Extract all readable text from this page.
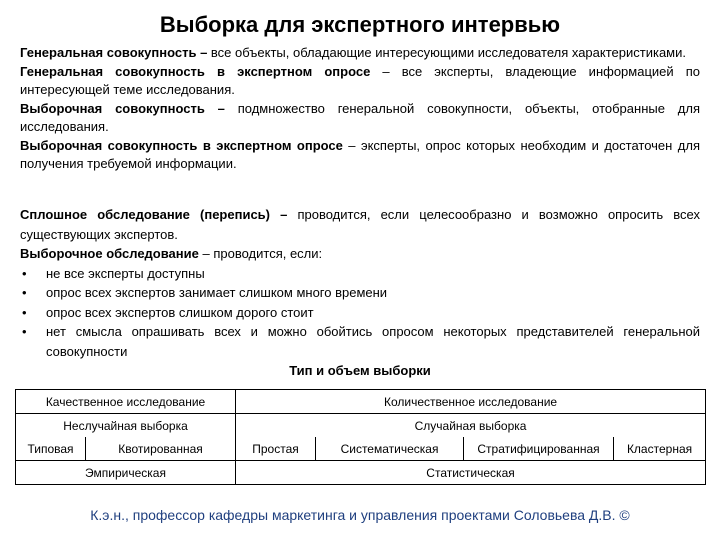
Выборка для экспертного интервью

Генеральная совокупность – все объекты, обладающие интересующими исследователя характеристиками.

Генеральная совокупность в экспертном опросе – все эксперты, владеющие информацией по интересующей теме исследования.

Выборочная совокупность – подмножество генеральной совокупности, объекты, отобранные для исследования.

Выборочная совокупность в экспертном опросе – эксперты, опрос которых необходим и достаточен для получения требуемой информации.

Сплошное обследование (перепись) – проводится, если целесообразно и возможно опросить всех существующих экспертов.

Выборочное обследование – проводится, если:

• не все эксперты доступны
• опрос всех экспертов занимает слишком много времени
• опрос всех экспертов слишком дорого стоит
• нет смысла опрашивать всех и можно обойтись опросом некоторых представителей генеральной совокупности
Тип и объем выборки
Качественное исследование		Количественное исследование			
Неслучайная выборка		Случайная выборка			
Типовая	Квотированная	Простая	Систематическая	Стратифицированная	Кластерная
Эмпирическая		Статистическая			
К.э.н., профессор кафедры маркетинга и управления проектами Соловьева Д.В. ©
